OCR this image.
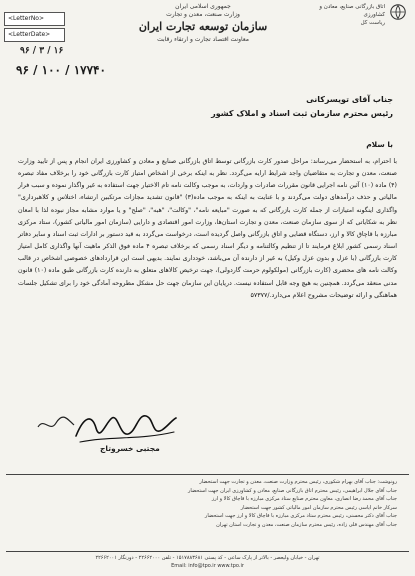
<LetterNo>
<LetterDate>
جمهوری اسلامی ایران
وزارت صنعت، معدن و تجارت
سازمان توسعه تجارت ایران
معاونت اقتصاد تجارت و ارتقاء رقابت
اتاق بازرگانی صنایع، معادن و کشاورزی
ریاست کل
۹۶ / ۳ / ۱۶
۹۶ / ۱۰۰ / ۱۷۷۴۰
جناب آقای تویسرکانی
رئیس محترم سازمان ثبت اسناد و املاک کشور
با سلام
با احترام، به استحضار می‌رساند: مراحل صدور کارت بازرگانی توسط اتاق بازرگانی صنایع و معادن و کشاورزی ایران انجام و پس از تایید وزارت صنعت، معدن و تجارت به متقاضیان واجد شرایط ارایه می‌گردد. نظر به اینکه برخی از اشخاص امتیاز کارت بازرگانی خود را برخلاف مفاد تبصره (۴) ماده (۱۰) آئین نامه اجرایی قانون مقررات صادرات و واردات، به موجب وکالت نامه تام الاختیار جهت استفاده به غیر واگذار نموده و سبب فرار مالیاتی و حذف درآمدهای دولت می‌گردند و با عنایت به اینکه به موجب ماده(۳) "قانون تشدید مجازات مرتکبین ارتشاء، اختلاس و کلاهبرداری" واگذاری اینگونه امتیازات از جمله کارت بازرگانی که به صورت "مبایعه نامه"، "وکالت"، "هبه"، "صلح" و یا موارد مشابه مجاز نبوده لذا با امعان نظر به شکایاتی که از سوی سازمان صنعت، معدن و تجارت استان‌ها، وزارت امور اقتصادی و دارایی (سازمان امور مالیاتی کشور)، ستاد مرکزی مبارزه با قاچاق کالا و ارز، دستگاه قضایی و اتاق بازرگانی واصل گردیده است، درخواست می‌گردد به قید دستور بر ادارات ثبت اسناد و سایر دفاتر اسناد رسمی کشور ابلاغ فرمایند تا از تنظیم وکالتنامه و دیگر اسناد رسمی که برخلاف تبصره ۴ ماده فوق الذکر ماهیت آنها واگذاری کامل امتیاز کارت بازرگانی (با عزل و بدون عزل وکیل) به غیر از دارنده آن می‌باشد، خودداری نمایند. بدیهی است این قرارداد‌های خصوصی اشخاص در قالب وکالت نامه های محضری (کارت بازرگانی (مولکولوم حرمت گاردولی)، جهت ترخیص کالاهای متعلق به دارنده کارت بازرگانی طبق ماده (۱۰) قانون مدنی منعقد می‌گردد. همچنین به هیچ وجه قابل استفاده نیست. دریایان این سازمان جهت حل مشکل مطروحه آمادگی خود را برای تشکیل جلسات هماهنگی و ارائه توضیحات مشروح اعلام می‌دارد./۵۷۳۷۷
مجتبی خسروتاج
رونوشت: جناب آقای بهرام شکوری، رئیس محترم وزارت صنعت، معدن و تجارت جهت استحضار
جناب آقای جلال ابراهیمی، رئیس محترم اتاق بازرگانی صنایع، معادن و کشاورزی ایران جهت استحضار
جناب آقای محمد رضا انصاری، معاون محترم صنایع ستاد مرکزی مبارزه با قاچاق کالا و ارز
سرکار خانم ایاسی رئیس محترم سازمان امور مالیاتی کشور جهت استحضار
جناب آقای دکتر محسنی، رئیس محترم ستاد مرکزی مبارزه با قاچاق کالا و ارز جهت استحضار
جناب آقای مهندس قلی زاده، رئیس محترم سازمان صنعت، معدن و تجارت استان تهران
تهران - خیابان ولیعصر - بالاتر از پارک ساعی - کد پستی ۱۵۱۷۸۸۳۶۸۱ - تلفن ۲۲۶۶۲۰۰۰ - دورنگار ۲۲۶۶۲۰۰۱
Email: info@tpo.ir www.tpo.ir
